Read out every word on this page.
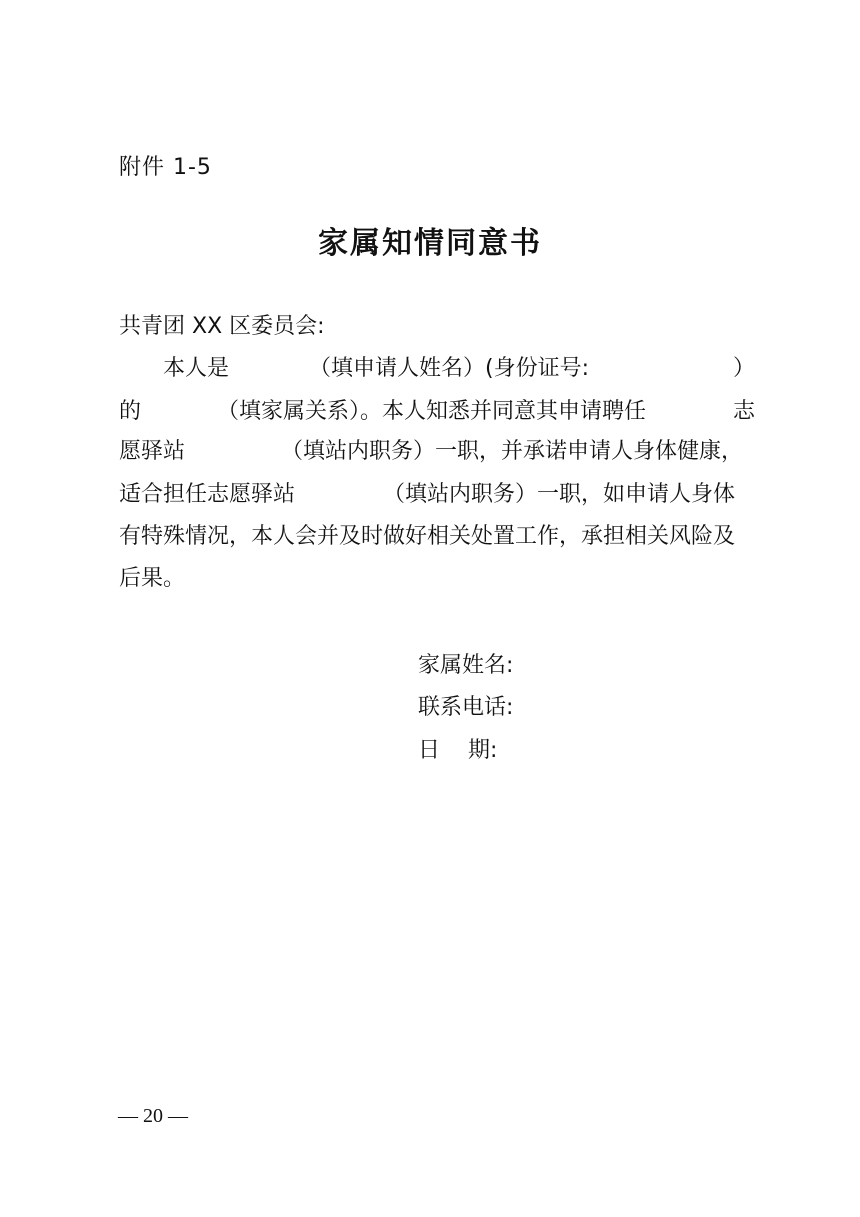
附件 1-5
家属知情同意书
共青团 XX 区委员会:
本人是	（填申请人姓名）(身份证号:	）
的	（填家属关系）。本人知悉并同意其申请聘任	志
愿驿站	（填站内职务）一职，并承诺申请人身体健康，
适合担任志愿驿站	（填站内职务）一职，如申请人身体
有特殊情况，本人会并及时做好相关处置工作，承担相关风险及
后果。
家属姓名:
联系电话:
日    期:
— 20 —
